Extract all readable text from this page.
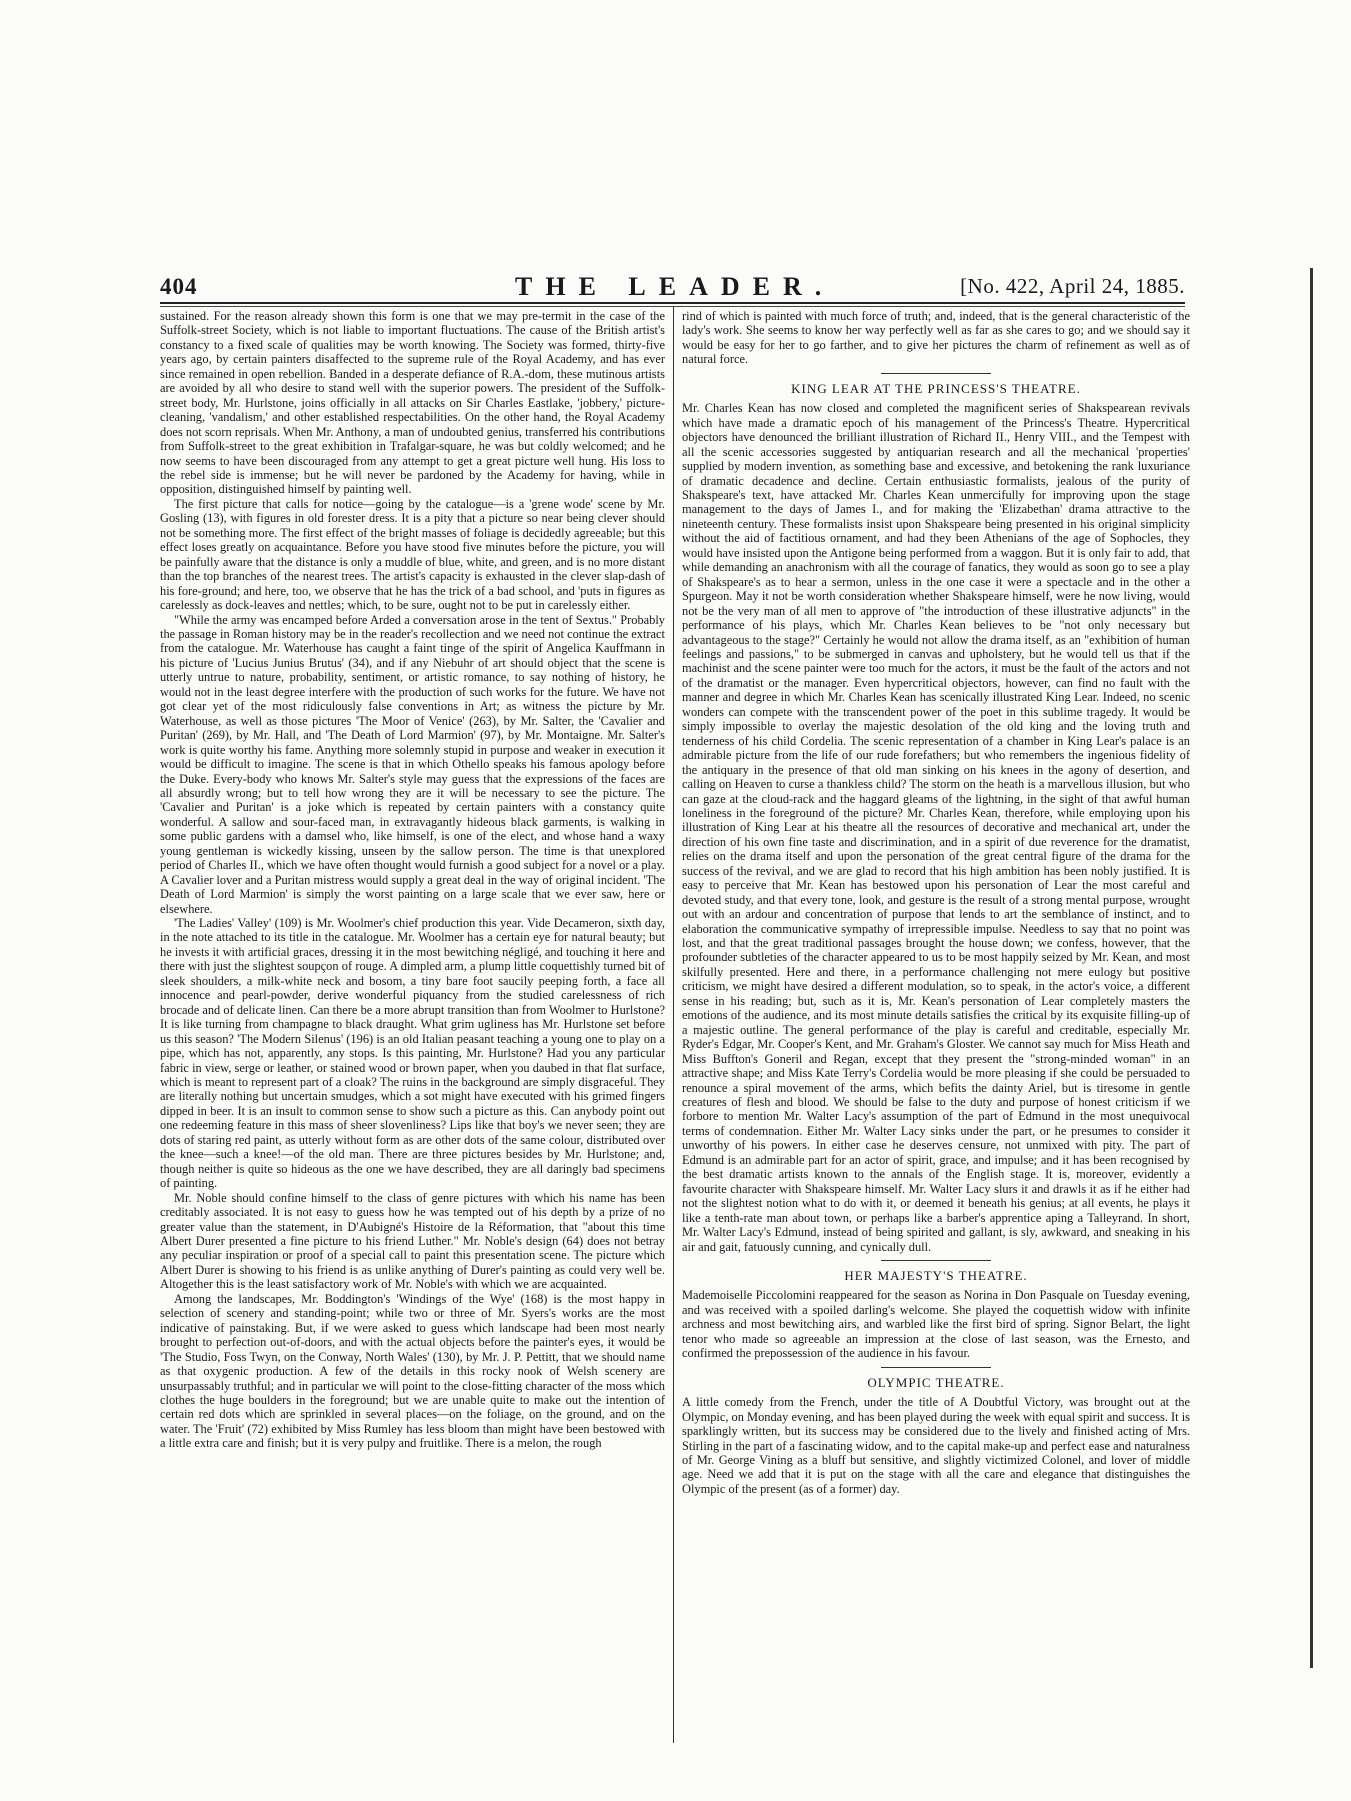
404	THE LEADER.	[No. 422, April 24, 1885.

sustained. For the reason already shown this form is one that we may pre-termit in the case of the Suffolk-street Society, which is not liable to important fluctuations. The cause of the British artist's constancy to a fixed scale of qualities may be worth knowing. The Society was formed, thirty-five years ago, by certain painters disaffected to the supreme rule of the Royal Academy, and has ever since remained in open rebellion. Banded in a desperate defiance of R.A.-dom, these mutinous artists are avoided by all who desire to stand well with the superior powers. The president of the Suffolk-street body, Mr. Hurlstone, joins officially in all attacks on Sir Charles Eastlake, 'jobbery,' picture-cleaning, 'vandalism,' and other established respectabilities. On the other hand, the Royal Academy does not scorn reprisals. When Mr. Anthony, a man of undoubted genius, transferred his contributions from Suffolk-street to the great exhibition in Trafalgar-square, he was but coldly welcomed; and he now seems to have been discouraged from any attempt to get a great picture well hung. His loss to the rebel side is immense; but he will never be pardoned by the Academy for having, while in opposition, distinguished himself by painting well.

The first picture that calls for notice—going by the catalogue—is a 'grene wode' scene by Mr. Gosling (13), with figures in old forester dress. It is a pity that a picture so near being clever should not be something more. The first effect of the bright masses of foliage is decidedly agreeable; but this effect loses greatly on acquaintance. Before you have stood five minutes before the picture, you will be painfully aware that the distance is only a muddle of blue, white, and green, and is no more distant than the top branches of the nearest trees. The artist's capacity is exhausted in the clever slap-dash of his fore-ground; and here, too, we observe that he has the trick of a bad school, and 'puts in figures as carelessly as dock-leaves and nettles; which, to be sure, ought not to be put in carelessly either.

"While the army was encamped before Arded a conversation arose in the tent of Sextus." Probably the passage in Roman history may be in the reader's recollection and we need not continue the extract from the catalogue. Mr. Waterhouse has caught a faint tinge of the spirit of Angelica Kauffmann in his picture of 'Lucius Junius Brutus' (34), and if any Niebuhr of art should object that the scene is utterly untrue to nature, probability, sentiment, or artistic romance, to say nothing of history, he would not in the least degree interfere with the production of such works for the future. We have not got clear yet of the most ridiculously false conventions in Art; as witness the picture by Mr. Waterhouse, as well as those pictures 'The Moor of Venice' (263), by Mr. Salter, the 'Cavalier and Puritan' (269), by Mr. Hall, and 'The Death of Lord Marmion' (97), by Mr. Montaigne. Mr. Salter's work is quite worthy his fame. Anything more solemnly stupid in purpose and weaker in execution it would be difficult to imagine. The scene is that in which Othello speaks his famous apology before the Duke. Every-body who knows Mr. Salter's style may guess that the expressions of the faces are all absurdly wrong; but to tell how wrong they are it will be necessary to see the picture. The 'Cavalier and Puritan' is a joke which is repeated by certain painters with a constancy quite wonderful. A sallow and sour-faced man, in extravagantly hideous black garments, is walking in some public gardens with a damsel who, like himself, is one of the elect, and whose hand a waxy young gentleman is wickedly kissing, unseen by the sallow person. The time is that unexplored period of Charles II., which we have often thought would furnish a good subject for a novel or a play. A Cavalier lover and a Puritan mistress would supply a great deal in the way of original incident. 'The Death of Lord Marmion' is simply the worst painting on a large scale that we ever saw, here or elsewhere.

'The Ladies' Valley' (109) is Mr. Woolmer's chief production this year. Vide Decameron, sixth day, in the note attached to its title in the catalogue. Mr. Woolmer has a certain eye for natural beauty; but he invests it with artificial graces, dressing it in the most bewitching négligé, and touching it here and there with just the slightest soupçon of rouge. A dimpled arm, a plump little coquettishly turned bit of sleek shoulders, a milk-white neck and bosom, a tiny bare foot saucily peeping forth, a face all innocence and pearl-powder, derive wonderful piquancy from the studied carelessness of rich brocade and of delicate linen. Can there be a more abrupt transition than from Woolmer to Hurlstone? It is like turning from champagne to black draught. What grim ugliness has Mr. Hurlstone set before us this season? 'The Modern Silenus' (196) is an old Italian peasant teaching a young one to play on a pipe, which has not, apparently, any stops. Is this painting, Mr. Hurlstone? Had you any particular fabric in view, serge or leather, or stained wood or brown paper, when you daubed in that flat surface, which is meant to represent part of a cloak? The ruins in the background are simply disgraceful. They are literally nothing but uncertain smudges, which a sot might have executed with his grimed fingers dipped in beer. It is an insult to common sense to show such a picture as this. Can anybody point out one redeeming feature in this mass of sheer slovenliness? Lips like that boy's we never seen; they are dots of staring red paint, as utterly without form as are other dots of the same colour, distributed over the knee—such a knee!—of the old man. There are three pictures besides by Mr. Hurlstone; and, though neither is quite so hideous as the one we have described, they are all daringly bad specimens of painting.

Mr. Noble should confine himself to the class of genre pictures with which his name has been creditably associated. It is not easy to guess how he was tempted out of his depth by a prize of no greater value than the statement, in D'Aubigné's Histoire de la Réformation, that "about this time Albert Durer presented a fine picture to his friend Luther." Mr. Noble's design (64) does not betray any peculiar inspiration or proof of a special call to paint this presentation scene. The picture which Albert Durer is showing to his friend is as unlike anything of Durer's painting as could very well be. Altogether this is the least satisfactory work of Mr. Noble's with which we are acquainted.

Among the landscapes, Mr. Boddington's 'Windings of the Wye' (168) is the most happy in selection of scenery and standing-point; while two or three of Mr. Syers's works are the most indicative of painstaking. But, if we were asked to guess which landscape had been most nearly brought to perfection out-of-doors, and with the actual objects before the painter's eyes, it would be 'The Studio, Foss Twyn, on the Conway, North Wales' (130), by Mr. J. P. Pettitt, that we should name as that oxygenic production. A few of the details in this rocky nook of Welsh scenery are unsurpassably truthful; and in particular we will point to the close-fitting character of the moss which clothes the huge boulders in the foreground; but we are unable quite to make out the intention of certain red dots which are sprinkled in several places—on the foliage, on the ground, and on the water. The 'Fruit' (72) exhibited by Miss Rumley has less bloom than might have been bestowed with a little extra care and finish; but it is very pulpy and fruitlike. There is a melon, the rough

rind of which is painted with much force of truth; and, indeed, that is the general characteristic of the lady's work. She seems to know her way perfectly well as far as she cares to go; and we should say it would be easy for her to go farther, and to give her pictures the charm of refinement as well as of natural force.

KING LEAR AT THE PRINCESS'S THEATRE.

Mr. Charles Kean has now closed and completed the magnificent series of Shakspearean revivals which have made a dramatic epoch of his management of the Princess's Theatre. Hypercritical objectors have denounced the brilliant illustration of Richard II., Henry VIII., and the Tempest with all the scenic accessories suggested by antiquarian research and all the mechanical 'properties' supplied by modern invention, as something base and excessive, and betokening the rank luxuriance of dramatic decadence and decline. Certain enthusiastic formalists, jealous of the purity of Shakspeare's text, have attacked Mr. Charles Kean unmercifully for improving upon the stage management to the days of James I., and for making the 'Elizabethan' drama attractive to the nineteenth century. These formalists insist upon Shakspeare being presented in his original simplicity without the aid of factitious ornament, and had they been Athenians of the age of Sophocles, they would have insisted upon the Antigone being performed from a waggon. But it is only fair to add, that while demanding an anachronism with all the courage of fanatics, they would as soon go to see a play of Shakspeare's as to hear a sermon, unless in the one case it were a spectacle and in the other a Spurgeon. May it not be worth consideration whether Shakspeare himself, were he now living, would not be the very man of all men to approve of "the introduction of these illustrative adjuncts" in the performance of his plays, which Mr. Charles Kean believes to be "not only necessary but advantageous to the stage?" Certainly he would not allow the drama itself, as an "exhibition of human feelings and passions," to be submerged in canvas and upholstery, but he would tell us that if the machinist and the scene painter were too much for the actors, it must be the fault of the actors and not of the dramatist or the manager. Even hypercritical objectors, however, can find no fault with the manner and degree in which Mr. Charles Kean has scenically illustrated King Lear. Indeed, no scenic wonders can compete with the transcendent power of the poet in this sublime tragedy. It would be simply impossible to overlay the majestic desolation of the old king and the loving truth and tenderness of his child Cordelia. The scenic representation of a chamber in King Lear's palace is an admirable picture from the life of our rude forefathers; but who remembers the ingenious fidelity of the antiquary in the presence of that old man sinking on his knees in the agony of desertion, and calling on Heaven to curse a thankless child? The storm on the heath is a marvellous illusion, but who can gaze at the cloud-rack and the haggard gleams of the lightning, in the sight of that awful human loneliness in the foreground of the picture? Mr. Charles Kean, therefore, while employing upon his illustration of King Lear at his theatre all the resources of decorative and mechanical art, under the direction of his own fine taste and discrimination, and in a spirit of due reverence for the dramatist, relies on the drama itself and upon the personation of the great central figure of the drama for the success of the revival, and we are glad to record that his high ambition has been nobly justified. It is easy to perceive that Mr. Kean has bestowed upon his personation of Lear the most careful and devoted study, and that every tone, look, and gesture is the result of a strong mental purpose, wrought out with an ardour and concentration of purpose that lends to art the semblance of instinct, and to elaboration the communicative sympathy of irrepressible impulse. Needless to say that no point was lost, and that the great traditional passages brought the house down; we confess, however, that the profounder subtleties of the character appeared to us to be most happily seized by Mr. Kean, and most skilfully presented. Here and there, in a performance challenging not mere eulogy but positive criticism, we might have desired a different modulation, so to speak, in the actor's voice, a different sense in his reading; but, such as it is, Mr. Kean's personation of Lear completely masters the emotions of the audience, and its most minute details satisfies the critical by its exquisite filling-up of a majestic outline. The general performance of the play is careful and creditable, especially Mr. Ryder's Edgar, Mr. Cooper's Kent, and Mr. Graham's Gloster. We cannot say much for Miss Heath and Miss Buffton's Goneril and Regan, except that they present the "strong-minded woman" in an attractive shape; and Miss Kate Terry's Cordelia would be more pleasing if she could be persuaded to renounce a spiral movement of the arms, which befits the dainty Ariel, but is tiresome in gentle creatures of flesh and blood. We should be false to the duty and purpose of honest criticism if we forbore to mention Mr. Walter Lacy's assumption of the part of Edmund in the most unequivocal terms of condemnation. Either Mr. Walter Lacy sinks under the part, or he presumes to consider it unworthy of his powers. In either case he deserves censure, not unmixed with pity. The part of Edmund is an admirable part for an actor of spirit, grace, and impulse; and it has been recognised by the best dramatic artists known to the annals of the English stage. It is, moreover, evidently a favourite character with Shakspeare himself. Mr. Walter Lacy slurs it and drawls it as if he either had not the slightest notion what to do with it, or deemed it beneath his genius; at all events, he plays it like a tenth-rate man about town, or perhaps like a barber's apprentice aping a Talleyrand. In short, Mr. Walter Lacy's Edmund, instead of being spirited and gallant, is sly, awkward, and sneaking in his air and gait, fatuously cunning, and cynically dull.

HER MAJESTY'S THEATRE.

Mademoiselle Piccolomini reappeared for the season as Norina in Don Pasquale on Tuesday evening, and was received with a spoiled darling's welcome. She played the coquettish widow with infinite archness and most bewitching airs, and warbled like the first bird of spring. Signor Belart, the light tenor who made so agreeable an impression at the close of last season, was the Ernesto, and confirmed the prepossession of the audience in his favour.

OLYMPIC THEATRE.

A little comedy from the French, under the title of A Doubtful Victory, was brought out at the Olympic, on Monday evening, and has been played during the week with equal spirit and success. It is sparklingly written, but its success may be considered due to the lively and finished acting of Mrs. Stirling in the part of a fascinating widow, and to the capital make-up and perfect ease and naturalness of Mr. George Vining as a bluff but sensitive, and slightly victimized Colonel, and lover of middle age. Need we add that it is put on the stage with all the care and elegance that distinguishes the Olympic of the present (as of a former) day.
